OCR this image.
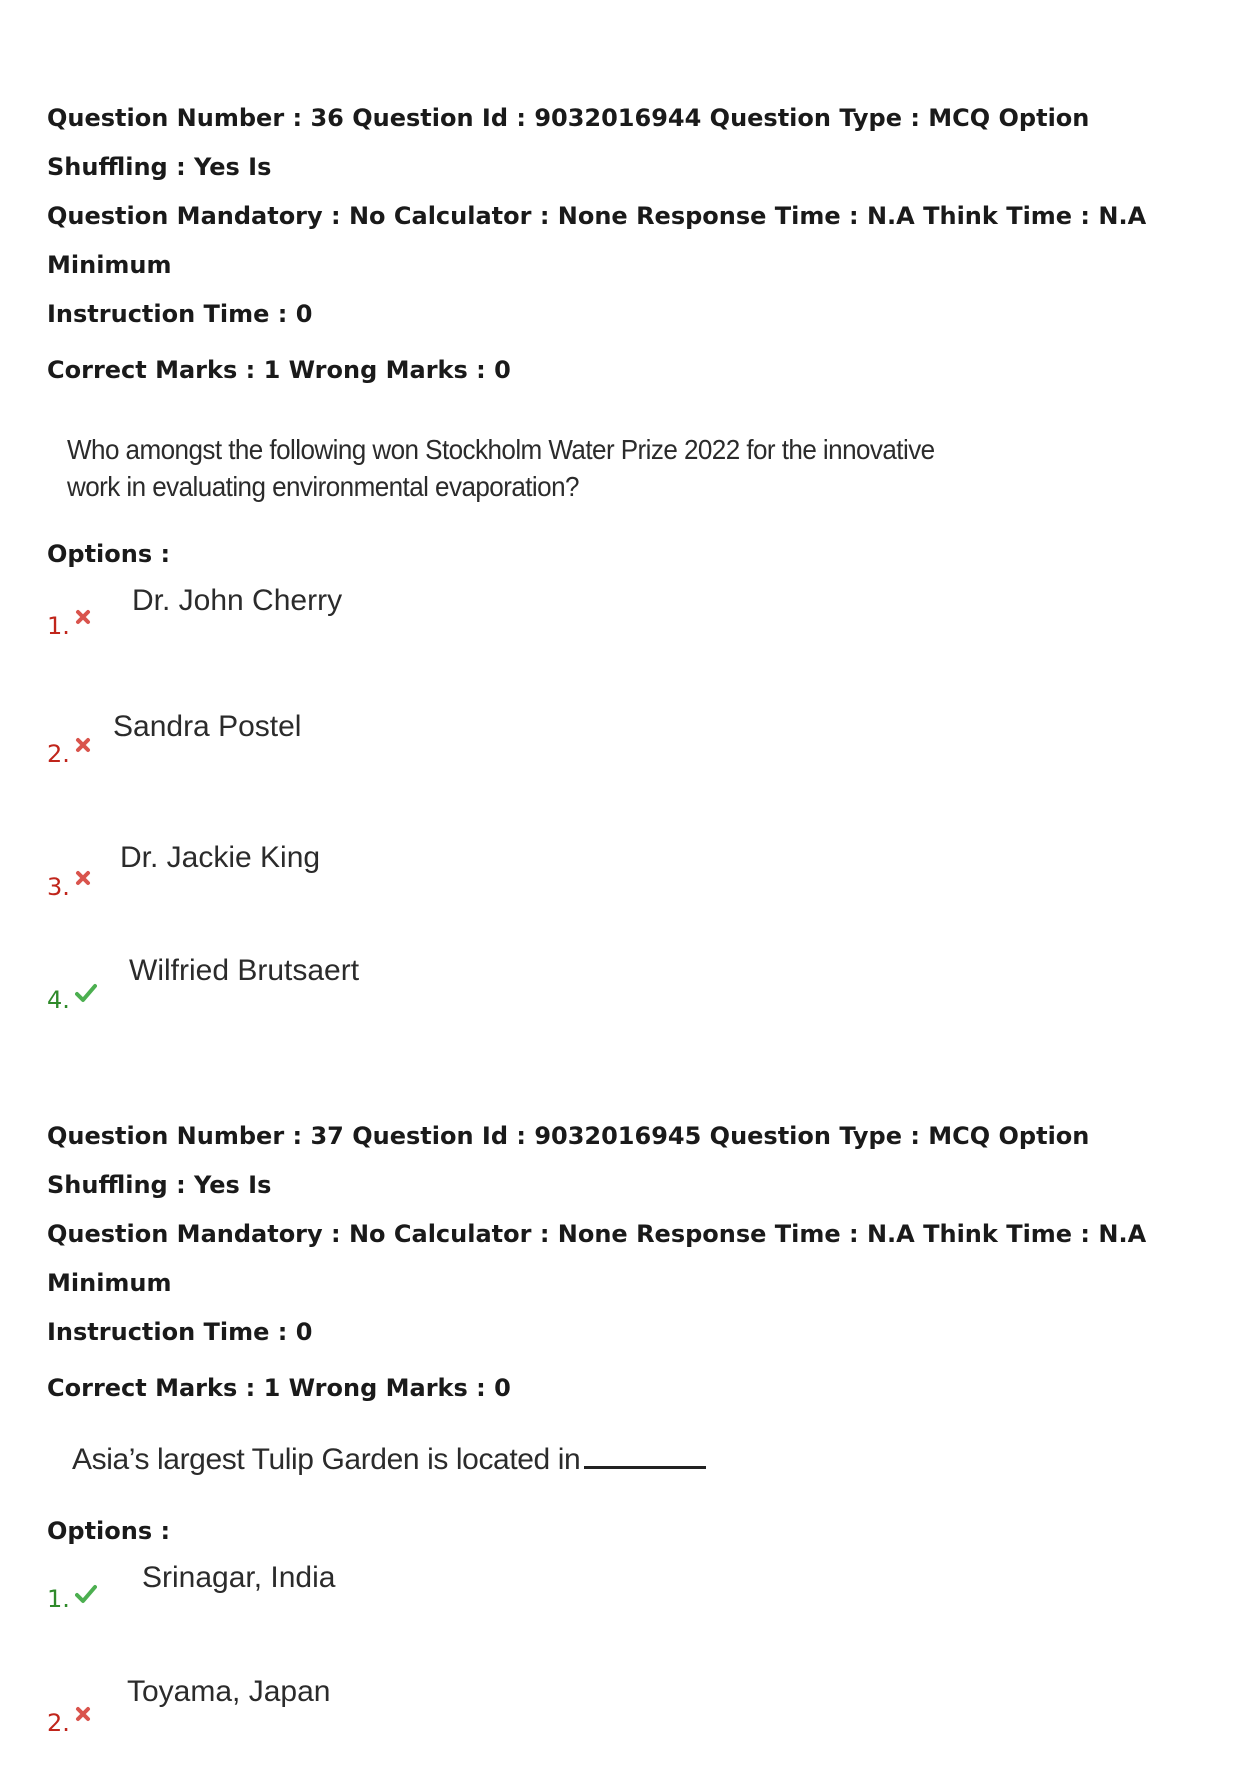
Question Number : 36 Question Id : 9032016944 Question Type : MCQ Option Shuffling : Yes Is
Question Mandatory : No Calculator : None Response Time : N.A Think Time : N.A Minimum
Instruction Time : 0
Correct Marks : 1 Wrong Marks : 0
Who amongst the following won Stockholm Water Prize 2022 for the innovative
work in evaluating environmental evaporation?
Options :
1.
Dr. John Cherry
2.
Sandra Postel
3.
Dr. Jackie King
4.
Wilfried Brutsaert
Question Number : 37 Question Id : 9032016945 Question Type : MCQ Option Shuffling : Yes Is
Question Mandatory : No Calculator : None Response Time : N.A Think Time : N.A Minimum
Instruction Time : 0
Correct Marks : 1 Wrong Marks : 0
Asia’s largest Tulip Garden is located in
Options :
1.
Srinagar, India
2.
Toyama, Japan
